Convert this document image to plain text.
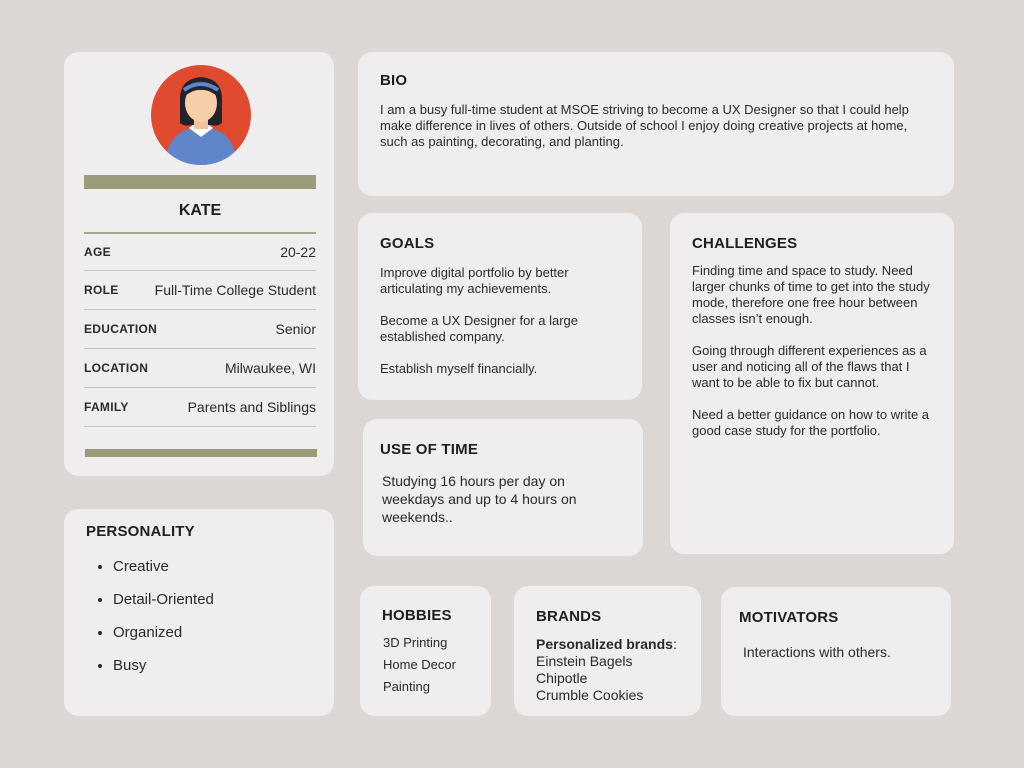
KATE
AGE	20-22
ROLE	Full-Time College Student
EDUCATION	Senior
LOCATION	Milwaukee, WI
FAMILY	Parents and Siblings
PERSONALITY
• Creative
• Detail-Oriented
• Organized
• Busy
BIO

I am a busy full-time student at MSOE striving to become a UX Designer so that I could help make difference in lives of others. Outside of school I enjoy doing creative projects at home, such as painting, decorating, and planting.

GOALS

Improve digital portfolio by better articulating my achievements.

Become a UX Designer for a large established company.

Establish myself financially.

CHALLENGES

Finding time and space to study. Need larger chunks of time to get into the study mode, therefore one free hour between classes isn’t enough.

Going through different experiences as a user and noticing all of the flaws that I want to be able to fix but cannot.

Need a better guidance on how to write a good case study for the portfolio.

USE OF TIME

Studying 16 hours per day on weekdays and up to 4 hours on weekends..

HOBBIES
3D Printing
Home Decor
Painting
BRANDS
Personalized brands:
Einstein Bagels
Chipotle
Crumble Cookies
MOTIVATORS

Interactions with others.
